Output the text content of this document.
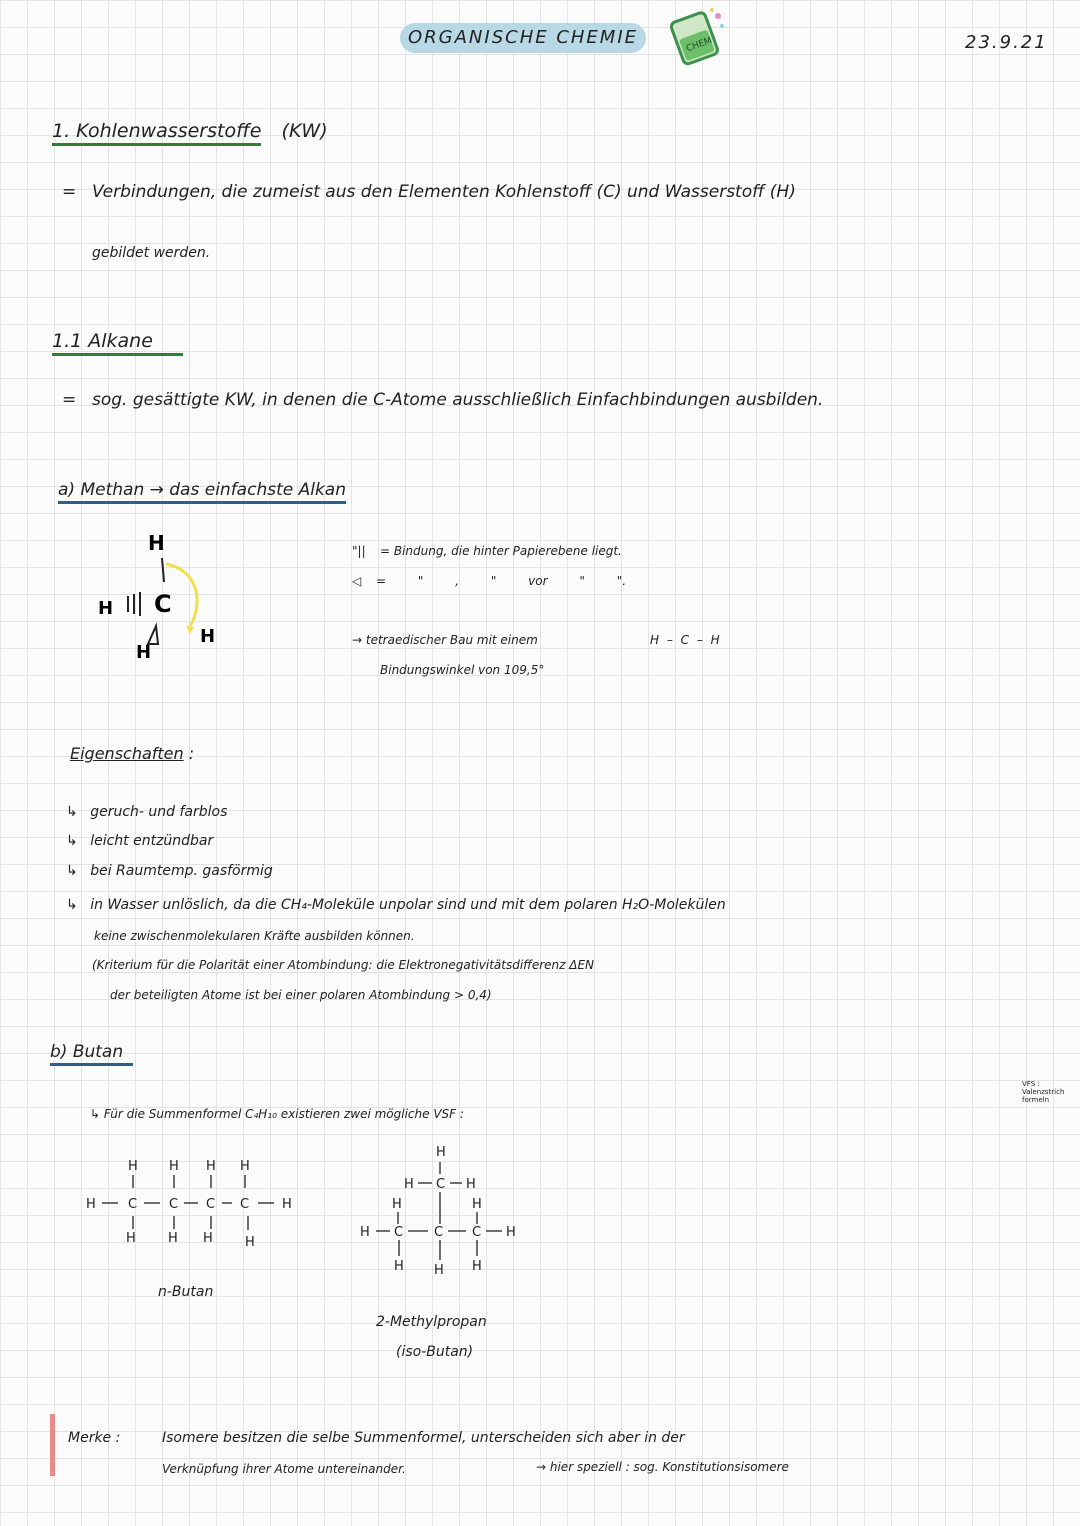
ORGANISCHE CHEMIE	CHEM	23.9.21
1. Kohlenwasserstoffe (KW)
= Verbindungen, die zumeist aus den Elementen Kohlenstoff (C) und Wasserstoff (H)
gebildet werden.
1.1 Alkane
= sog. gesättigte KW, in denen die C-Atome ausschließlich Einfachbindungen ausbilden.
a) Methan → das einfachste Alkan
H
H C
H
H
"|| = Bindung, die hinter Papierebene liegt.
◁ = " , " vor " ".
→ tetraedischer Bau mit einem	H – C – H
Bindungswinkel von 109,5°
Eigenschaften :
↳ geruch- und farblos
↳ leicht entzündbar
↳ bei Raumtemp. gasförmig
↳ in Wasser unlöslich, da die CH₄-Moleküle unpolar sind und mit dem polaren H₂O-Molekülen
keine zwischenmolekularen Kräfte ausbilden können.
(Kriterium für die Polarität einer Atombindung: die Elektronegativitätsdifferenz ΔEN
der beteiligten Atome ist bei einer polaren Atombindung > 0,4)
b) Butan
↳ Für die Summenformel C₄H₁₀ existieren zwei mögliche VSF :
VFS :
Valenzstrich
formeln
H H H H
H C C C C	H
H H H H
n-Butan
H
H C H
H	H
H C C C H
H H H
2-Methylpropan
(iso-Butan)
Merke :	Isomere besitzen die selbe Summenformel, unterscheiden sich aber in der
Verknüpfung ihrer Atome untereinander.	→ hier speziell : sog. Konstitutionsisomere
